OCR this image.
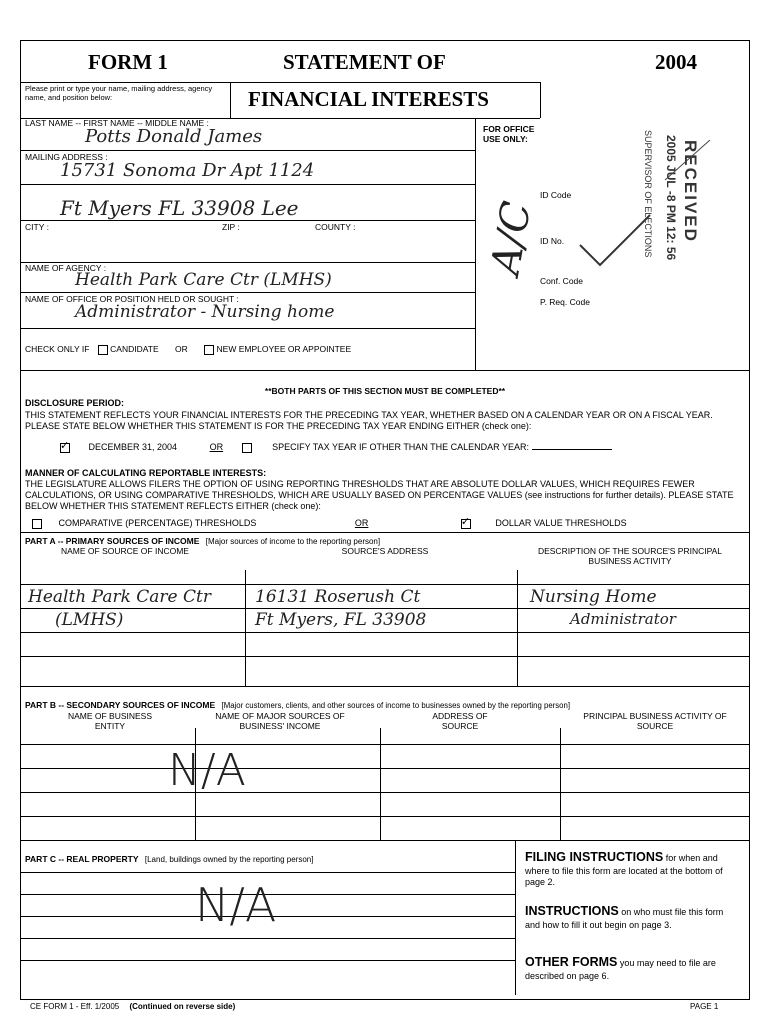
FORM 1	STATEMENT OF	2004
Please print or type your name, mailing address, agency name, and position below:	FINANCIAL INTERESTS
LAST NAME -- FIRST NAME -- MIDDLE NAME :
Potts Donald James
MAILING ADDRESS :
15731 Sonoma Dr Apt 1124
Ft Myers FL 33908 Lee
CITY :	ZIP :	COUNTY :
NAME OF AGENCY :
Health Park Care Ctr (LMHS)
NAME OF OFFICE OR POSITION HELD OR SOUGHT :
Administrator - Nursing home
CHECK ONLY IF CANDIDATE OR	NEW EMPLOYEE OR APPOINTEE
FOR OFFICE USE ONLY:
ID Code
ID No.
Conf. Code
P. Req. Code
A/C	RECEIVED
2005 JUL -8 PM 12: 56
SUPERVISOR OF ELECTIONS
**BOTH PARTS OF THIS SECTION MUST BE COMPLETED**
DISCLOSURE PERIOD:
THIS STATEMENT REFLECTS YOUR FINANCIAL INTERESTS FOR THE PRECEDING TAX YEAR, WHETHER BASED ON A CALENDAR YEAR OR ON A FISCAL YEAR. PLEASE STATE BELOW WHETHER THIS STATEMENT IS FOR THE PRECEDING TAX YEAR ENDING EITHER (check one):
✓ DECEMBER 31, 2004	OR	SPECIFY TAX YEAR IF OTHER THAN THE CALENDAR YEAR:
MANNER OF CALCULATING REPORTABLE INTERESTS:
THE LEGISLATURE ALLOWS FILERS THE OPTION OF USING REPORTING THRESHOLDS THAT ARE ABSOLUTE DOLLAR VALUES, WHICH REQUIRES FEWER CALCULATIONS, OR USING COMPARATIVE THRESHOLDS, WHICH ARE USUALLY BASED ON PERCENTAGE VALUES (see instructions for further details). PLEASE STATE BELOW WHETHER THIS STATEMENT REFLECTS EITHER (check one):
COMPARATIVE (PERCENTAGE) THRESHOLDS	OR	✓	DOLLAR VALUE THRESHOLDS
PART A -- PRIMARY SOURCES OF INCOME [Major sources of income to the reporting person]
NAME OF SOURCE OF INCOME	SOURCE'S ADDRESS	DESCRIPTION OF THE SOURCE'S PRINCIPAL BUSINESS ACTIVITY
Health Park Care Ctr	16131 Roserush Ct	Nursing Home
(LMHS)	Ft Myers, FL 33908	Administrator
PART B -- SECONDARY SOURCES OF INCOME [Major customers, clients, and other sources of income to businesses owned by the reporting person]
NAME OF BUSINESS ENTITY
NAME OF MAJOR SOURCES OF BUSINESS' INCOME
ADDRESS OF SOURCE
PRINCIPAL BUSINESS ACTIVITY OF SOURCE
N/A
PART C -- REAL PROPERTY [Land, buildings owned by the reporting person]
N/A
FILING INSTRUCTIONS for when and where to file this form are located at the bottom of page 2.
INSTRUCTIONS on who must file this form and how to fill it out begin on page 3.
OTHER FORMS you may need to file are described on page 6.
CE FORM 1 - Eff. 1/2005 (Continued on reverse side)	PAGE 1
